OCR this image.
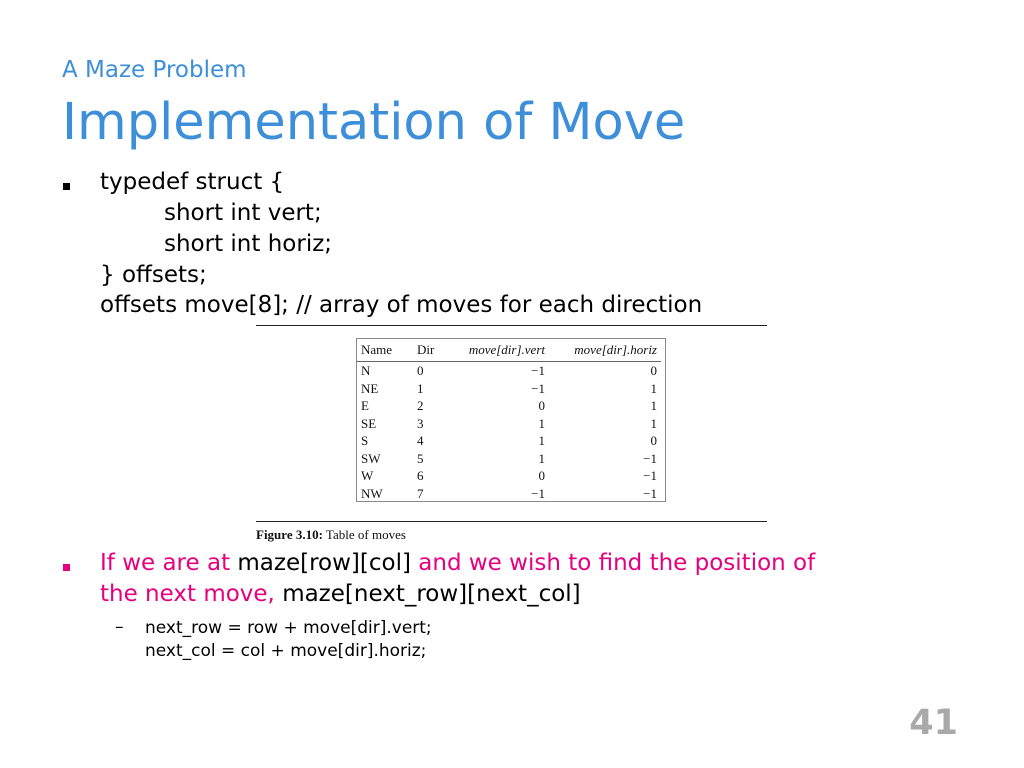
A Maze Problem
Implementation of Move
typedef struct {
short int vert;
short int horiz;
} offsets;
offsets move[8]; // array of moves for each direction
Name	Dir	move[dir].vert	move[dir].horiz
N	0	−1	0
NE	1	−1	1
E	2	0	1
SE	3	1	1
S	4	1	0
SW	5	1	−1
W	6	0	−1
NW	7	−1	−1
Figure 3.10: Table of moves
If we are at maze[row][col] and we wish to find the position of
the next move, maze[next_row][next_col]
– next_row = row + move[dir].vert;
next_col = col + move[dir].horiz;
41
